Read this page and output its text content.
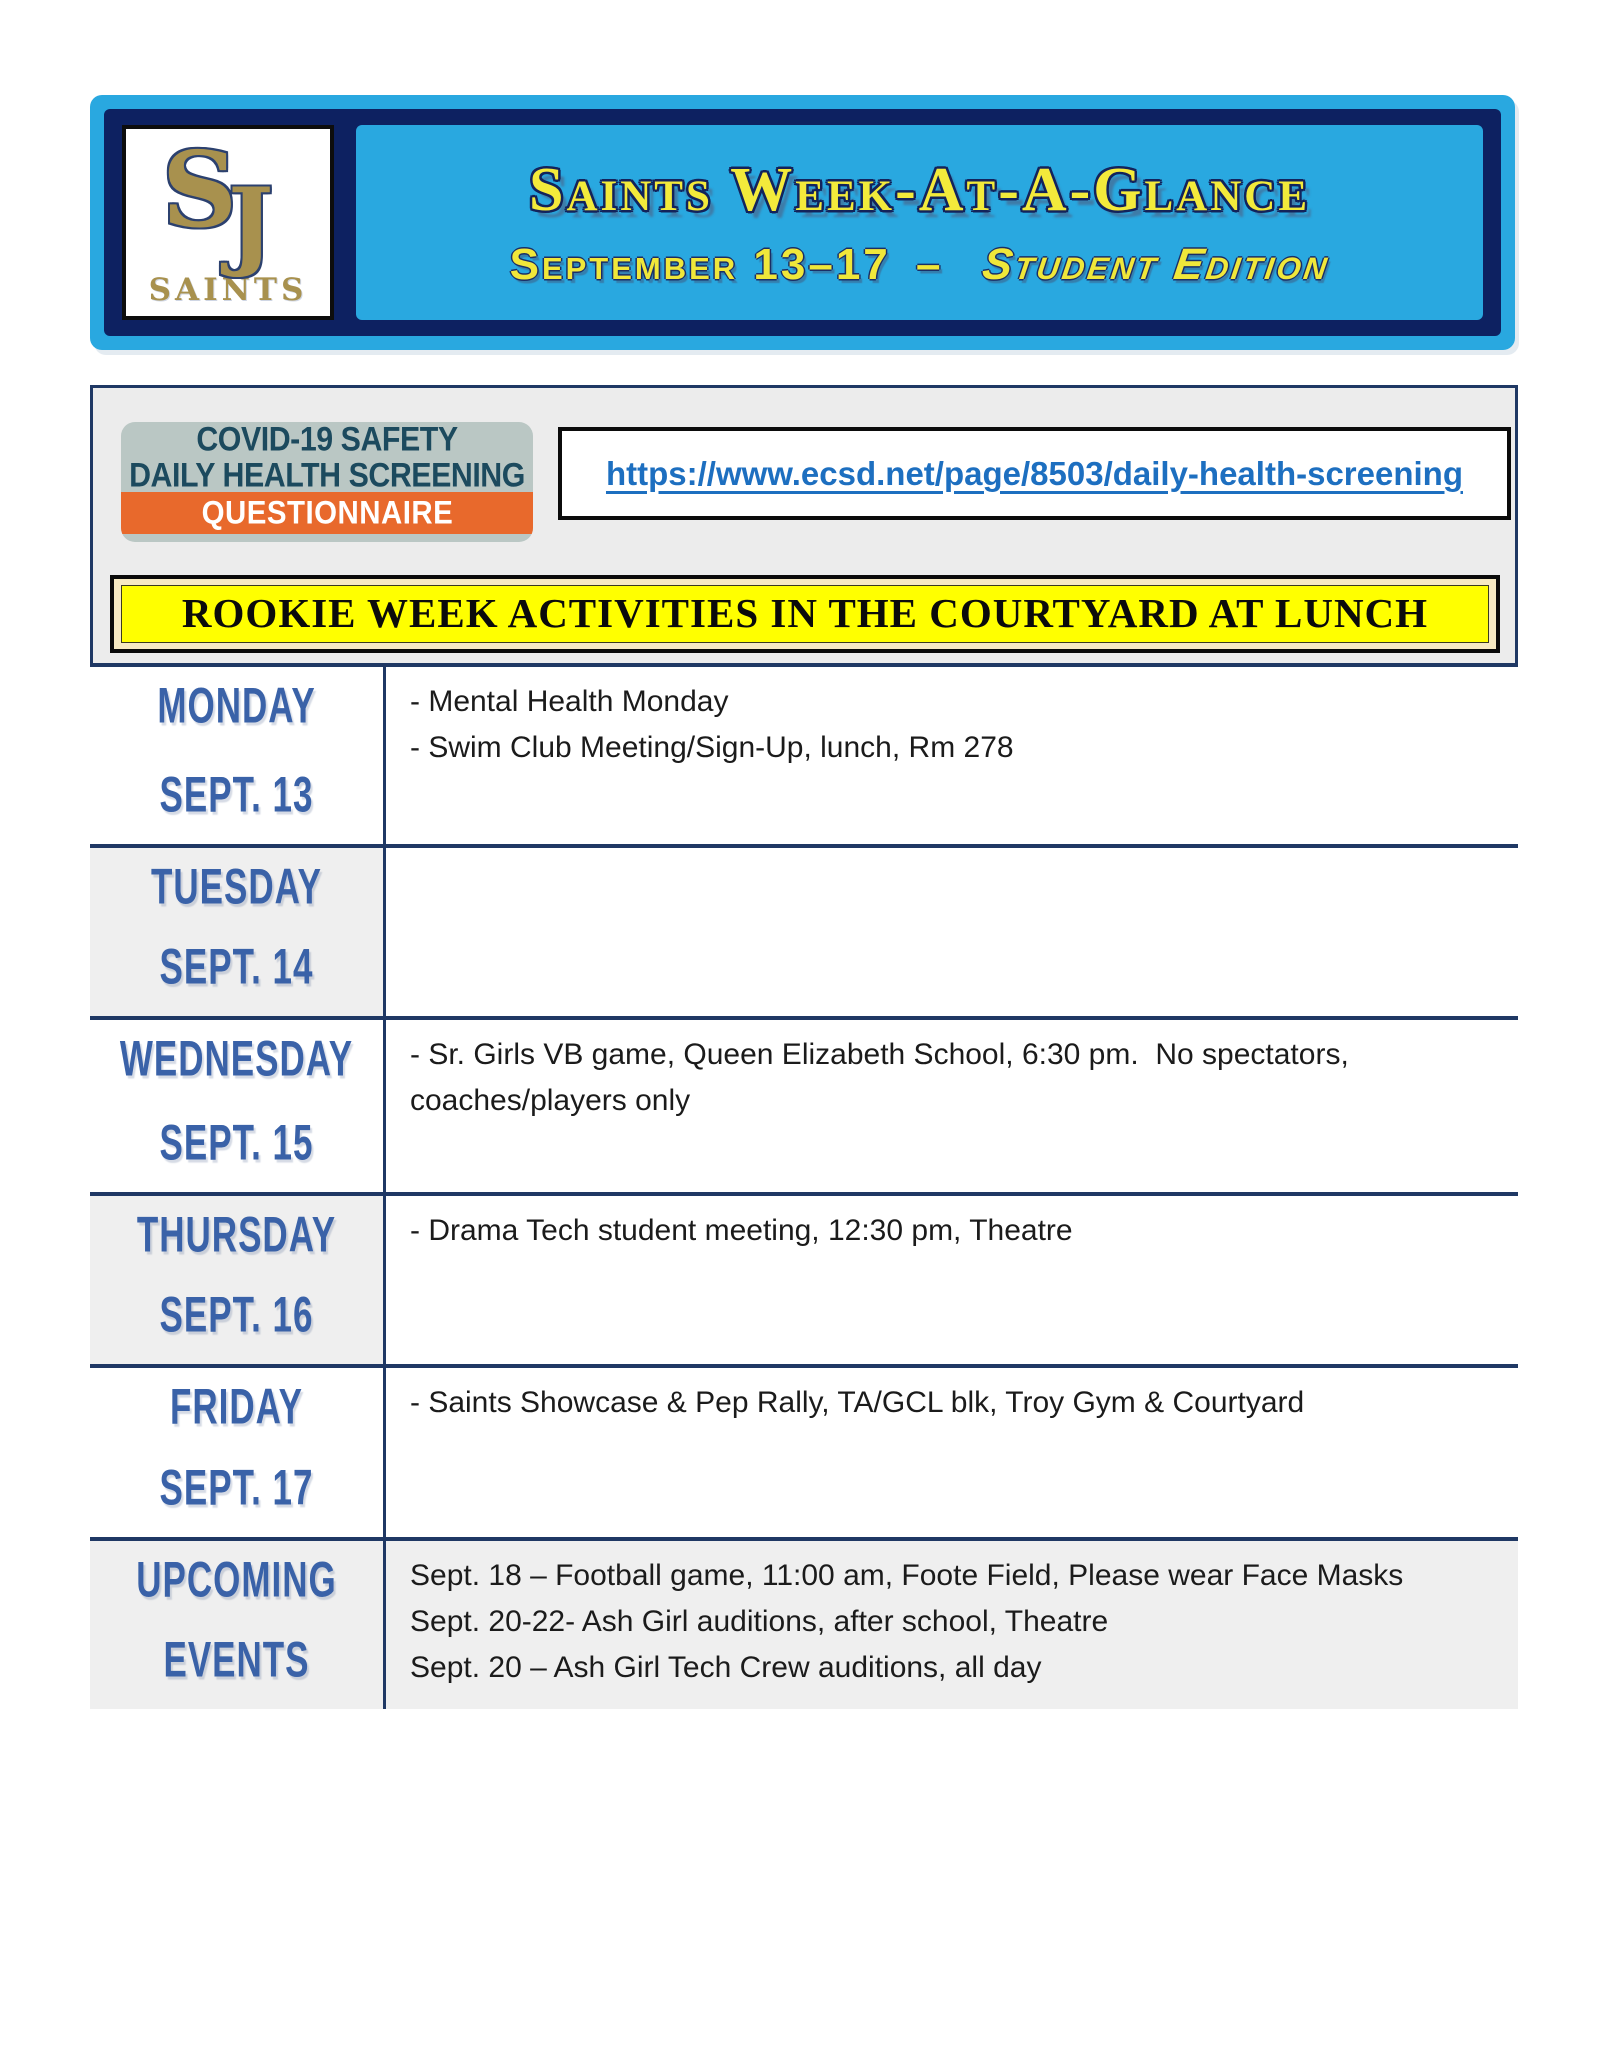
S
J
SAINTS
Saints Week-At-A-Glance
September 13–17 – Student Edition
COVID-19 SAFETY
DAILY HEALTH SCREENING
QUESTIONNAIRE
https://www.ecsd.net/page/8503/daily-health-screening
ROOKIE WEEK ACTIVITIES IN THE COURTYARD AT LUNCH
MONDAY
SEPT. 13
- Mental Health Monday
- Swim Club Meeting/Sign-Up, lunch, Rm 278
TUESDAY
SEPT. 14
WEDNESDAY
SEPT. 15
- Sr. Girls VB game, Queen Elizabeth School, 6:30 pm.  No spectators, coaches/players only
THURSDAY
SEPT. 16
- Drama Tech student meeting, 12:30 pm, Theatre
FRIDAY
SEPT. 17
- Saints Showcase & Pep Rally, TA/GCL blk, Troy Gym & Courtyard
UPCOMING
EVENTS
Sept. 18 – Football game, 11:00 am, Foote Field, Please wear Face Masks
Sept. 20-22- Ash Girl auditions, after school, Theatre
Sept. 20 – Ash Girl Tech Crew auditions, all day
